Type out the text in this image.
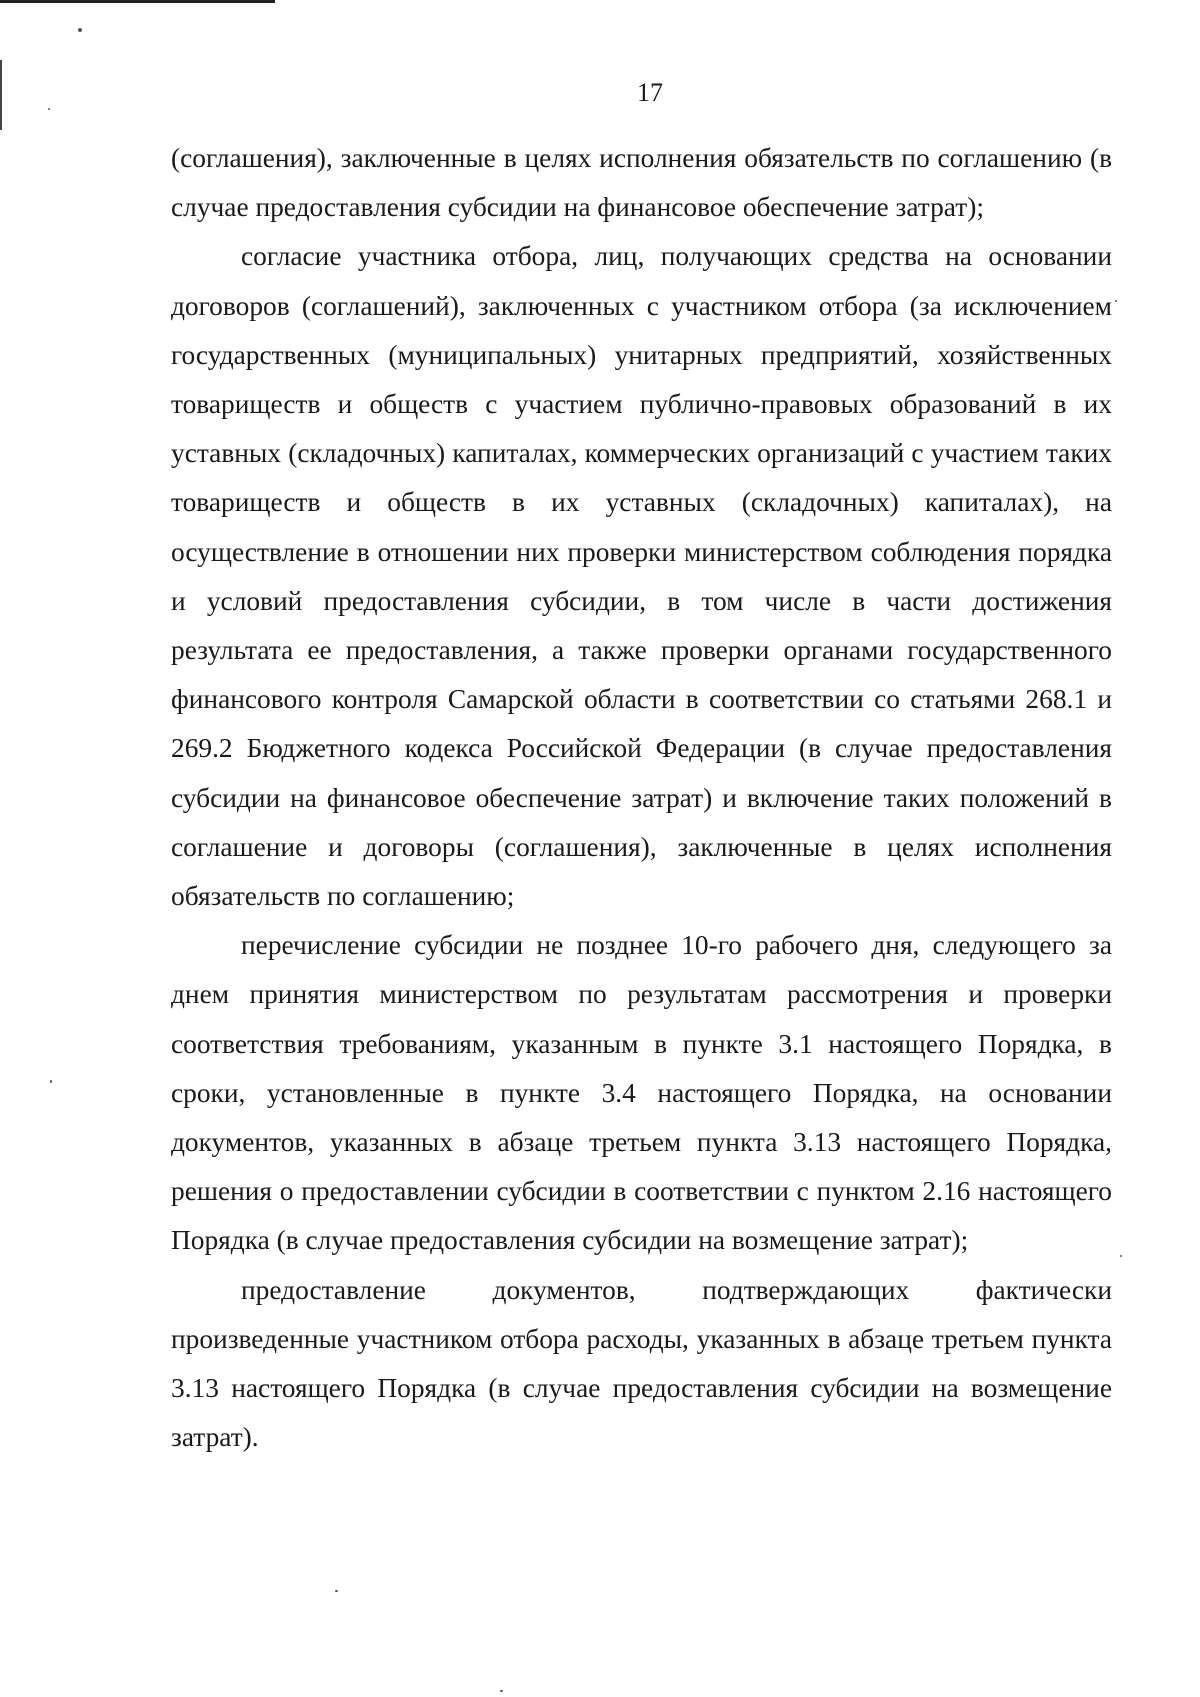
17

(соглашения), заключенные в целях исполнения обязательств по соглашению (в случае предоставления субсидии на финансовое обеспечение затрат);

согласие участника отбора, лиц, получающих средства на основании договоров (соглашений), заключенных с участником отбора (за исключением государственных (муниципальных) унитарных предприятий, хозяйственных товариществ и обществ с участием публично-правовых образований в их уставных (складочных) капиталах, коммерческих организаций с участием таких товариществ и обществ в их уставных (складочных) капиталах), на осуществление в отношении них проверки министерством соблюдения порядка и условий предоставления субсидии, в том числе в части достижения результата ее предоставления, а также проверки органами государственного финансового контроля Самарской области в соответствии со статьями 268.1 и 269.2 Бюджетного кодекса Российской Федерации (в случае предоставления субсидии на финансовое обеспечение затрат) и включение таких положений в соглашение и договоры (соглашения), заключенные в целях исполнения обязательств по соглашению;

перечисление субсидии не позднее 10-го рабочего дня, следующего за днем принятия министерством по результатам рассмотрения и проверки соответствия требованиям, указанным в пункте 3.1 настоящего Порядка, в сроки, установленные в пункте 3.4 настоящего Порядка, на основании документов, указанных в абзаце третьем пункта 3.13 настоящего Порядка, решения о предоставлении субсидии в соответствии с пунктом 2.16 настоящего Порядка (в случае предоставления субсидии на возмещение затрат);

предоставление документов, подтверждающих фактически произведенные участником отбора расходы, указанных в абзаце третьем пункта 3.13 настоящего Порядка (в случае предоставления субсидии на возмещение затрат).
